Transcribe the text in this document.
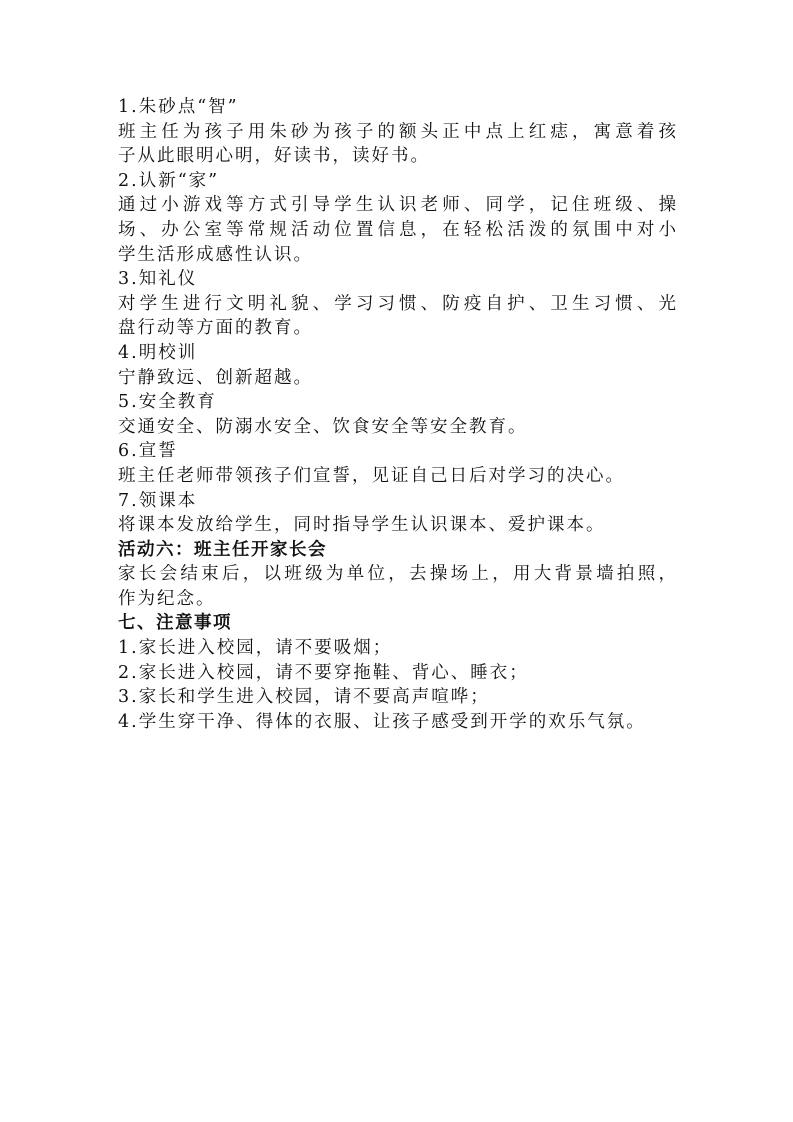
1.朱砂点“智”

班主任为孩子用朱砂为孩子的额头正中点上红痣，寓意着孩

子从此眼明心明，好读书，读好书。

2.认新“家”

通过小游戏等方式引导学生认识老师、同学，记住班级、操

场、办公室等常规活动位置信息，在轻松活泼的氛围中对小

学生活形成感性认识。

3.知礼仪

对学生进行文明礼貌、学习习惯、防疫自护、卫生习惯、光

盘行动等方面的教育。

4.明校训

宁静致远、创新超越。

5.安全教育

交通安全、防溺水安全、饮食安全等安全教育。

6.宣誓

班主任老师带领孩子们宣誓，见证自己日后对学习的决心。

7.领课本

将课本发放给学生，同时指导学生认识课本、爱护课本。

活动六：班主任开家长会

家长会结束后，以班级为单位，去操场上，用大背景墙拍照，

作为纪念。

七、注意事项

1.家长进入校园，请不要吸烟；

2.家长进入校园，请不要穿拖鞋、背心、睡衣；

3.家长和学生进入校园，请不要高声喧哗；

4.学生穿干净、得体的衣服、让孩子感受到开学的欢乐气氛。
